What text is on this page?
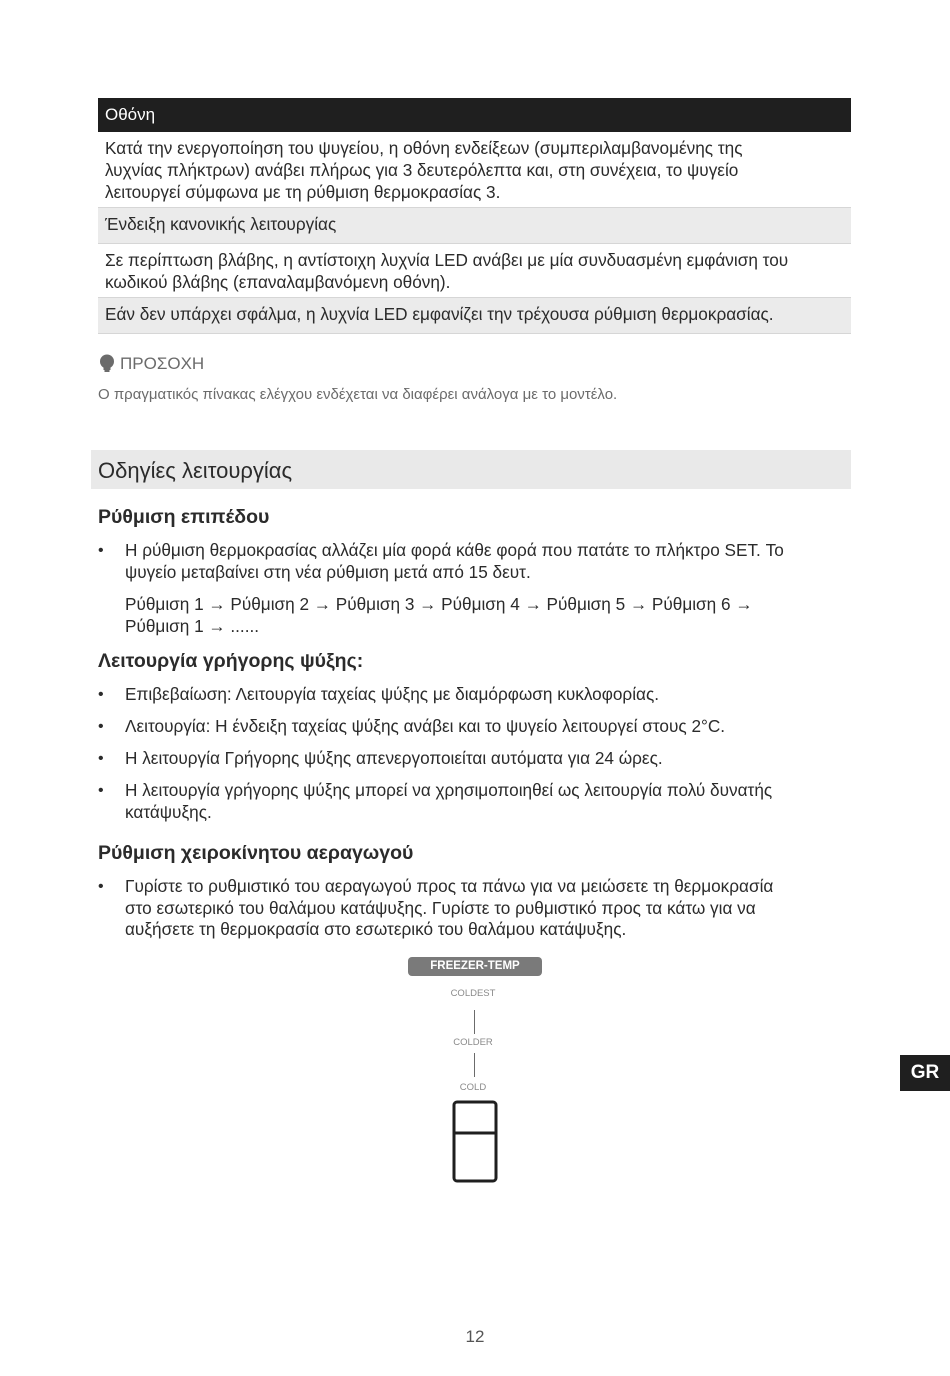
Οθόνη
Κατά την ενεργοποίηση του ψυγείου, η οθόνη ενδείξεων (συμπεριλαμβανομένης της
λυχνίας πλήκτρων) ανάβει πλήρως για 3 δευτερόλεπτα και, στη συνέχεια, το ψυγείο
λειτουργεί σύμφωνα με τη ρύθμιση θερμοκρασίας 3.
Ένδειξη κανονικής λειτουργίας
Σε περίπτωση βλάβης, η αντίστοιχη λυχνία LED ανάβει με μία συνδυασμένη εμφάνιση του
κωδικού βλάβης (επαναλαμβανόμενη οθόνη).
Εάν δεν υπάρχει σφάλμα, η λυχνία LED εμφανίζει την τρέχουσα ρύθμιση θερμοκρασίας.
ΠΡΟΣΟΧΗ
Ο πραγματικός πίνακας ελέγχου ενδέχεται να διαφέρει ανάλογα με το μοντέλο.
Οδηγίες λειτουργίας
Ρύθμιση επιπέδου
• Η ρύθμιση θερμοκρασίας αλλάζει μία φορά κάθε φορά που πατάτε το πλήκτρο SET. Το
ψυγείο μεταβαίνει στη νέα ρύθμιση μετά από 15 δευτ.
Ρύθμιση 1 → Ρύθμιση 2 → Ρύθμιση 3 → Ρύθμιση 4 → Ρύθμιση 5 → Ρύθμιση 6 →
Ρύθμιση 1 → ......
Λειτουργία γρήγορης ψύξης:
• Επιβεβαίωση: Λειτουργία ταχείας ψύξης με διαμόρφωση κυκλοφορίας.
• Λειτουργία: Η ένδειξη ταχείας ψύξης ανάβει και το ψυγείο λειτουργεί στους 2°C.
• Η λειτουργία Γρήγορης ψύξης απενεργοποιείται αυτόματα για 24 ώρες.
• Η λειτουργία γρήγορης ψύξης μπορεί να χρησιμοποιηθεί ως λειτουργία πολύ δυνατής
κατάψυξης.
Ρύθμιση χειροκίνητου αεραγωγού
• Γυρίστε το ρυθμιστικό του αεραγωγού προς τα πάνω για να μειώσετε τη θερμοκρασία
στο εσωτερικό του θαλάμου κατάψυξης. Γυρίστε το ρυθμιστικό προς τα κάτω για να
αυξήσετε τη θερμοκρασία στο εσωτερικό του θαλάμου κατάψυξης.
FREEZER-TEMP
COLDEST
COLDER
COLD
GR
12
